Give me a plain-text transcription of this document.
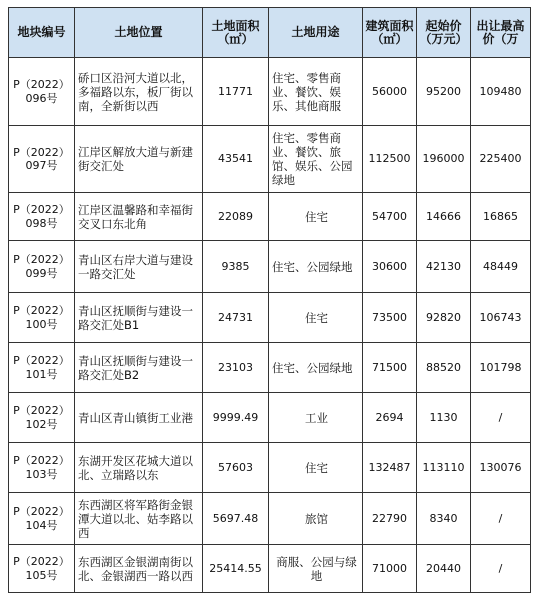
地块编号	土地位置	土地面积（㎡）	土地用途	建筑面积（㎡）	起始价（万元）	出让最高价（万
P（2022）096号	硚口区沿河大道以北，多福路以东，板厂街以南，全新街以西	11771	住宅、零售商业、餐饮、娱乐、其他商服	56000	95200	109480
P（2022）097号	江岸区解放大道与新建街交汇处	43541	住宅、零售商业、餐饮、旅馆、娱乐、公园绿地	112500	196000	225400
P（2022）098号	江岸区温馨路和幸福街交叉口东北角	22089	住宅	54700	14666	16865
P（2022）099号	青山区右岸大道与建设一路交汇处	9385	住宅、公园绿地	30600	42130	48449
P（2022）100号	青山区抚顺街与建设一路交汇处B1	24731	住宅	73500	92820	106743
P（2022）101号	青山区抚顺街与建设一路交汇处B2	23103	住宅、公园绿地	71500	88520	101798
P（2022）102号	青山区青山镇街工业港	9999.49	工业	2694	1130	/
P（2022）103号	东湖开发区花城大道以北、立瑞路以东	57603	住宅	132487	113110	130076
P（2022）104号	东西湖区将军路街金银潭大道以北、姑李路以西	5697.48	旅馆	22790	8340	/
P（2022）105号	东西湖区金银湖南街以北、金银湖西一路以西	25414.55	商服、公园与绿地	71000	20440	/
